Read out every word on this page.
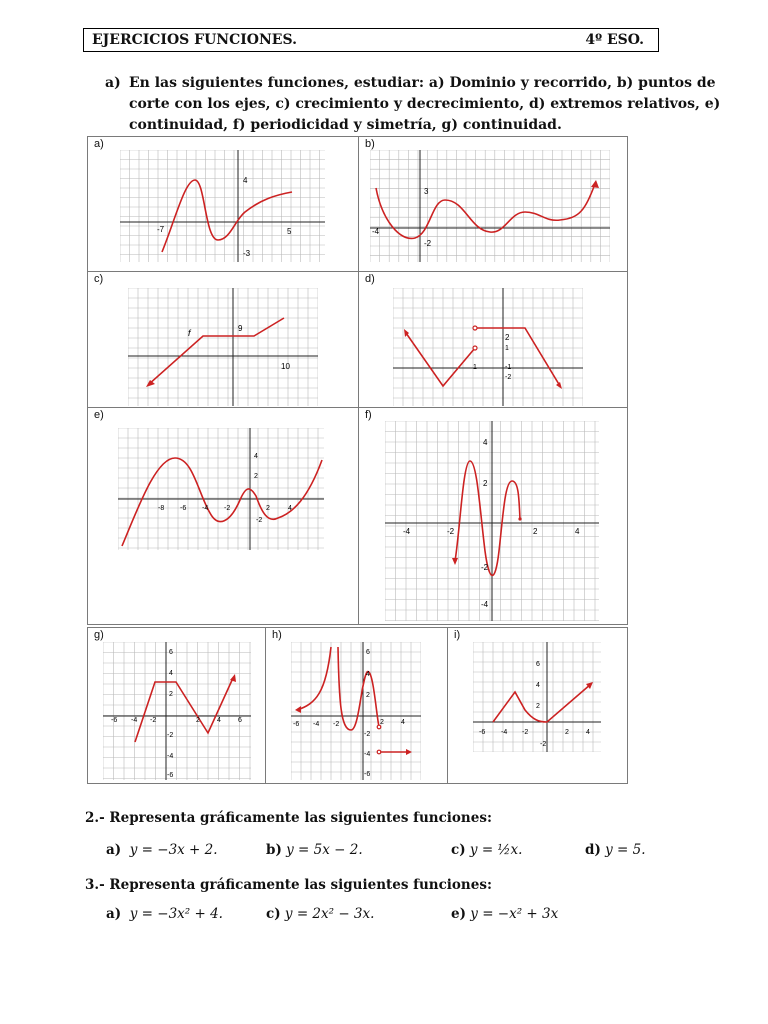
EJERCICIOS FUNCIONES.	4º ESO.
a) En las siguientes funciones, estudiar: a) Dominio y recorrido, b) puntos de corte con los ejes, c) crecimiento y decrecimiento, d) extremos relativos, e) continuidad, f) periodicidad y simetría, g) continuidad.
a)	b)
c)	d)
e)	f)
g)	h)	i)
-7	5
4
-3
-4
3
-2
f	9
10
2
1
1	-1
-2
-8 -6 -4 -2	2	4
4
2
-2
-4	-2	2	4
4
2
-2
-4
-6 -4 -2	2 4 6
6
4
2
-2
-4
-6
-6 -4 -2	2 4
6
4
2
-2
-4
-6
-6 -4 -2	2 4
6
4
2
-2
2.- Representa gráficamente las siguientes funciones:
a) y = −3x + 2.	b) y = 5x − 2.	c) y = ½x.	d) y = 5.
3.- Representa gráficamente las siguientes funciones:
a) y = −3x² + 4.	c) y = 2x² − 3x.	e) y = −x² + 3x
